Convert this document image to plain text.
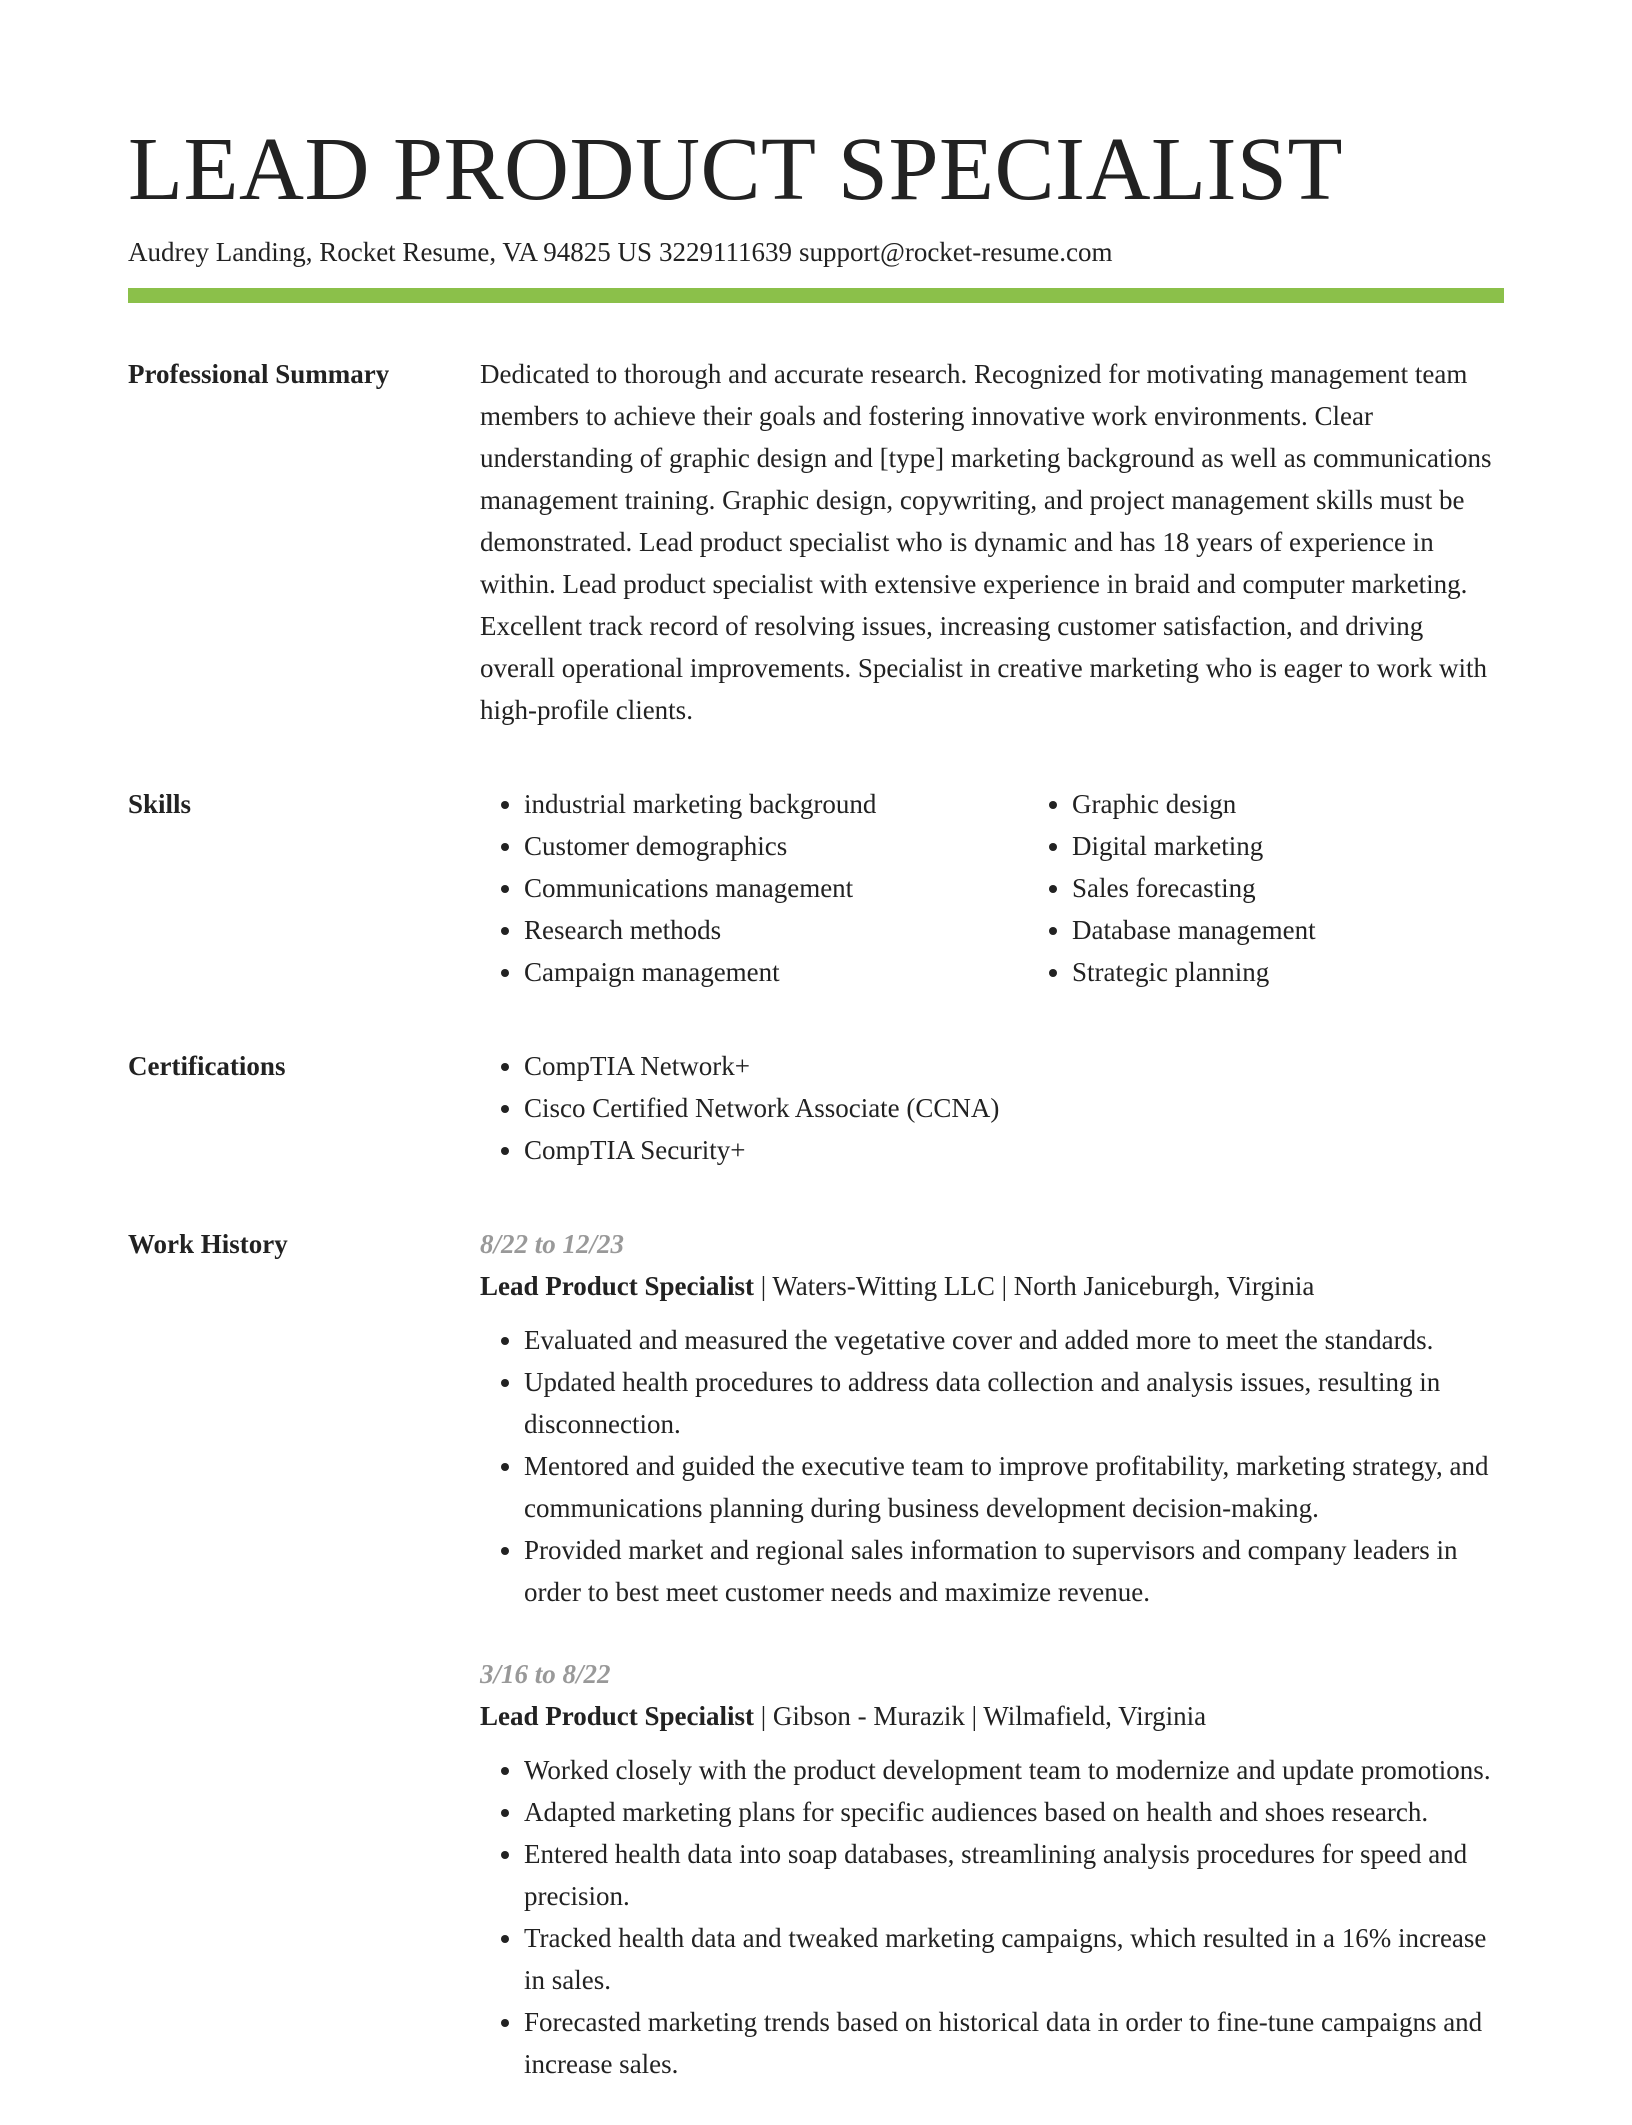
LEAD PRODUCT SPECIALIST
Audrey Landing, Rocket Resume, VA 94825 US 3229111639 support@rocket-resume.com
Professional Summary	Dedicated to thorough and accurate research. Recognized for motivating management team members to achieve their goals and fostering innovative work environments. Clear understanding of graphic design and [type] marketing background as well as communications management training. Graphic design, copywriting, and project management skills must be demonstrated. Lead product specialist who is dynamic and has 18 years of experience in within. Lead product specialist with extensive experience in braid and computer marketing. Excellent track record of resolving issues, increasing customer satisfaction, and driving overall operational improvements. Specialist in creative marketing who is eager to work with high-profile clients.

Skills	• industrial marketing background
• Customer demographics
• Communications management
• Research methods
• Campaign management
• Graphic design
• Digital marketing
• Sales forecasting
• Database management
• Strategic planning
Certifications	• CompTIA Network+
• Cisco Certified Network Associate (CCNA)
• CompTIA Security+
Work History	8/22 to 12/23
Lead Product Specialist | Waters-Witting LLC | North Janiceburgh, Virginia
• Evaluated and measured the vegetative cover and added more to meet the standards.
• Updated health procedures to address data collection and analysis issues, resulting in disconnection.
• Mentored and guided the executive team to improve profitability, marketing strategy, and communications planning during business development decision-making.
• Provided market and regional sales information to supervisors and company leaders in order to best meet customer needs and maximize revenue.
3/16 to 8/22
Lead Product Specialist | Gibson - Murazik | Wilmafield, Virginia
• Worked closely with the product development team to modernize and update promotions.
• Adapted marketing plans for specific audiences based on health and shoes research.
• Entered health data into soap databases, streamlining analysis procedures for speed and precision.
• Tracked health data and tweaked marketing campaigns, which resulted in a 16% increase in sales.
• Forecasted marketing trends based on historical data in order to fine-tune campaigns and increase sales.
